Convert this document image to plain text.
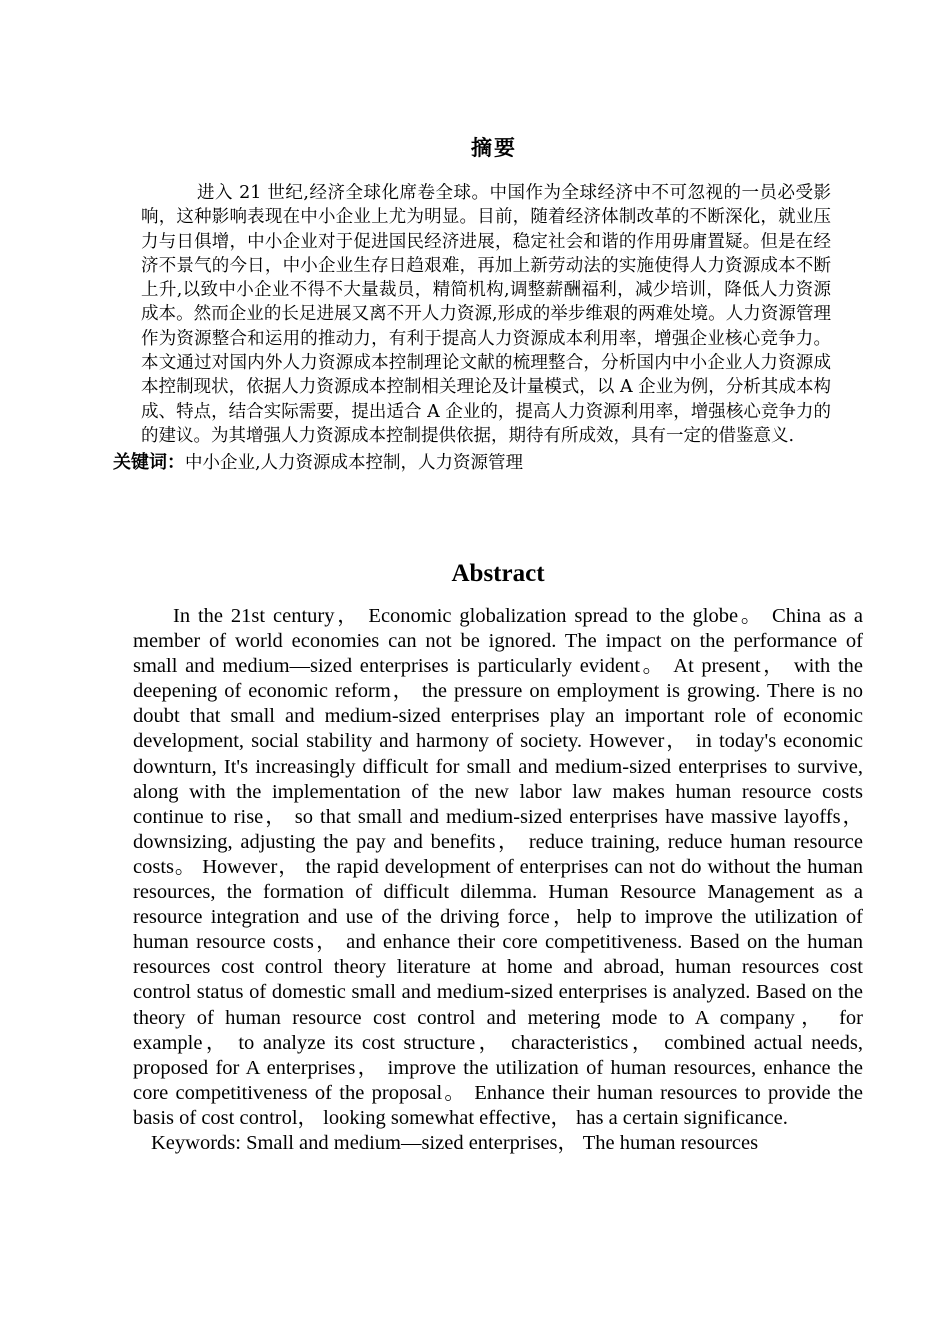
摘要

进入 21 世纪,经济全球化席卷全球。中国作为全球经济中不可忽视的一员必受影响，这种影响表现在中小企业上尤为明显。目前，随着经济体制改革的不断深化，就业压力与日俱增，中小企业对于促进国民经济进展，稳定社会和谐的作用毋庸置疑。但是在经济不景气的今日，中小企业生存日趋艰难，再加上新劳动法的实施使得人力资源成本不断上升,以致中小企业不得不大量裁员，精简机构,调整薪酬福利，减少培训，降低人力资源成本。然而企业的长足进展又离不开人力资源,形成的举步维艰的两难处境。人力资源管理作为资源整合和运用的推动力，有利于提高人力资源成本利用率，增强企业核心竞争力。本文通过对国内外人力资源成本控制理论文献的梳理整合，分析国内中小企业人力资源成本控制现状，依据人力资源成本控制相关理论及计量模式，以 A 企业为例，分析其成本构成、特点，结合实际需要，提出适合 A 企业的，提高人力资源利用率，增强核心竞争力的的建议。为其增强人力资源成本控制提供依据，期待有所成效，具有一定的借鉴意义.

关键词：中小企业,人力资源成本控制，人力资源管理

Abstract

In the 21st century， Economic globalization spread to the globe。 China as a member of world economies can not be ignored. The impact on the performance of small and medium—sized enterprises is particularly evident。 At present， with the deepening of economic reform， the pressure on employment is growing. There is no doubt that small and medium-sized enterprises play an important role of economic development, social stability and harmony of society. However， in today's economic downturn, It's increasingly difficult for small and medium-sized enterprises to survive, along with the implementation of the new labor law makes human resource costs continue to rise， so that small and medium-sized enterprises have massive layoffs，downsizing, adjusting the pay and benefits， reduce training, reduce human resource costs。 However， the rapid development of enterprises can not do without the human resources, the formation of difficult dilemma. Human Resource Management as a resource integration and use of the driving force，help to improve the utilization of human resource costs， and enhance their core competitiveness. Based on the human resources cost control theory literature at home and abroad, human resources cost control status of domestic small and medium-sized enterprises is analyzed. Based on the theory of human resource cost control and metering mode to A company， for example， to analyze its cost structure， characteristics， combined actual needs, proposed for A enterprises， improve the utilization of human resources, enhance the core competitiveness of the proposal。 Enhance their human resources to provide the basis of cost control， looking somewhat effective， has a certain significance.

Keywords: Small and medium—sized enterprises， The human resources
